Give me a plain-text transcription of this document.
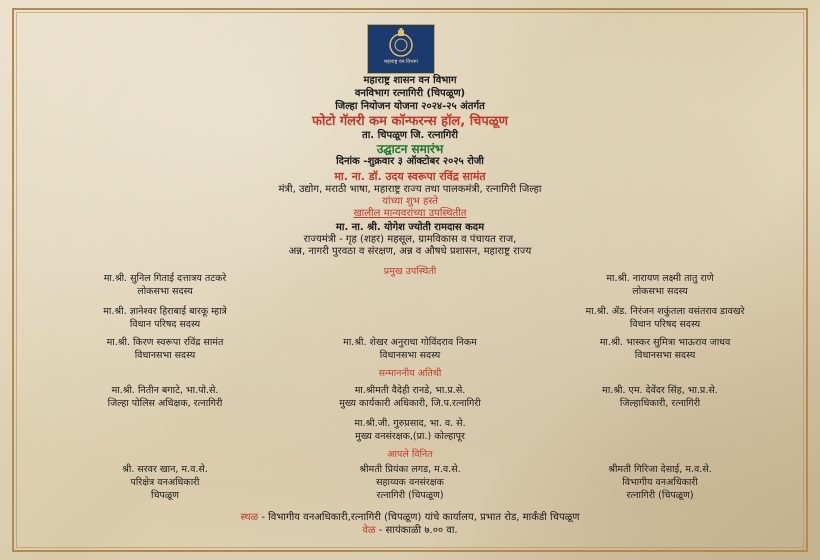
महाराष्ट्र वन विभाग
महाराष्ट्र शासन वन विभाग
वनविभाग रत्नागिरी (चिपळूण)
जिल्हा नियोजन योजना २०२४-२५ अंतर्गत
फोटो गॅलरी कम कॉन्फरन्स हॉल, चिपळूण
ता. चिपळूण जि. रत्नागिरी
उद्घाटन समारंभ
दिनांक -शुक्रवार ३ ऑक्टोबर २०२५ रोजी
मा. ना. डॉ. उदय स्वरूपा रविंद्र सामंत
मंत्री, उद्योग, मराठी भाषा, महाराष्ट्र राज्य तथा पालकमंत्री, रत्नागिरी जिल्हा
यांच्या शुभ हस्ते
खालील मान्यवरांच्या उपस्थितीत
मा. ना. श्री. योगेश ज्योती रामदास कदम
राज्यमंत्री - गृह (शहर) महसूल, ग्रामविकास व पंचायत राज,
अन्न, नागरी पुरवठा व संरक्षण, अन्न व औषधे प्रशासन, महाराष्ट्र राज्य
प्रमुख उपस्थिती
मा.श्री. सुनिल गिताई दत्तात्रय तटकरे
लोकसभा सदस्य
मा.श्री. नारायण लक्ष्मी तातु राणे
लोकसभा सदस्य
मा.श्री. ज्ञानेश्वर हिराबाई बारकू म्हात्रे
विधान परिषद सदस्य
मा.श्री. ॲड. निरंजन शकुंतला वसंतराव डावखरे
विधान परिषद सदस्य
मा.श्री. किरण स्वरूपा रविंद्र सामंत
विधानसभा सदस्य
मा.श्री. शेखर अनुराधा गोविंदराव निकम
विधानसभा सदस्य
मा.श्री. भास्कर सुमित्रा भाऊराव जाधव
विधानसभा सदस्य
सन्माननीय अतिथी
मा.श्री. नितीन बगाटे, भा.पो.से.
जिल्हा पोलिस अधिक्षक, रत्नागिरी
मा.श्रीमती वैदेही रानडे, भा.प्र.से.
मुख्य कार्यकारी अधिकारी, जि.प.रत्नागिरी
मा.श्री. एम. देवेंदर सिंह, भा.प्र.से.
जिल्हाधिकारी, रत्नागिरी
मा.श्री.जी. गुरुप्रसाद, भा. व. से.
मुख्य वनसंरक्षक,(प्रा.) कोल्हापूर
आपले विनित
श्री. सरवर खान, म.व.से.
परिक्षेत्र वनअधिकारी
चिपळूण
श्रीमती प्रियंका लगड, म.व.से.
सहाय्यक वनसंरक्षक
रत्नागिरी (चिपळूण)
श्रीमती गिरिजा देसाई, म.व.से.
विभागीय वनअधिकारी
रत्नागिरी (चिपळूण)
स्थळ - विभागीय वनअधिकारी,रत्नागिरी (चिपळूण) यांचे कार्यालय, प्रभात रोड, मार्कंडी चिपळूण
वेळ - सायंकाळी ७.०० वा.
